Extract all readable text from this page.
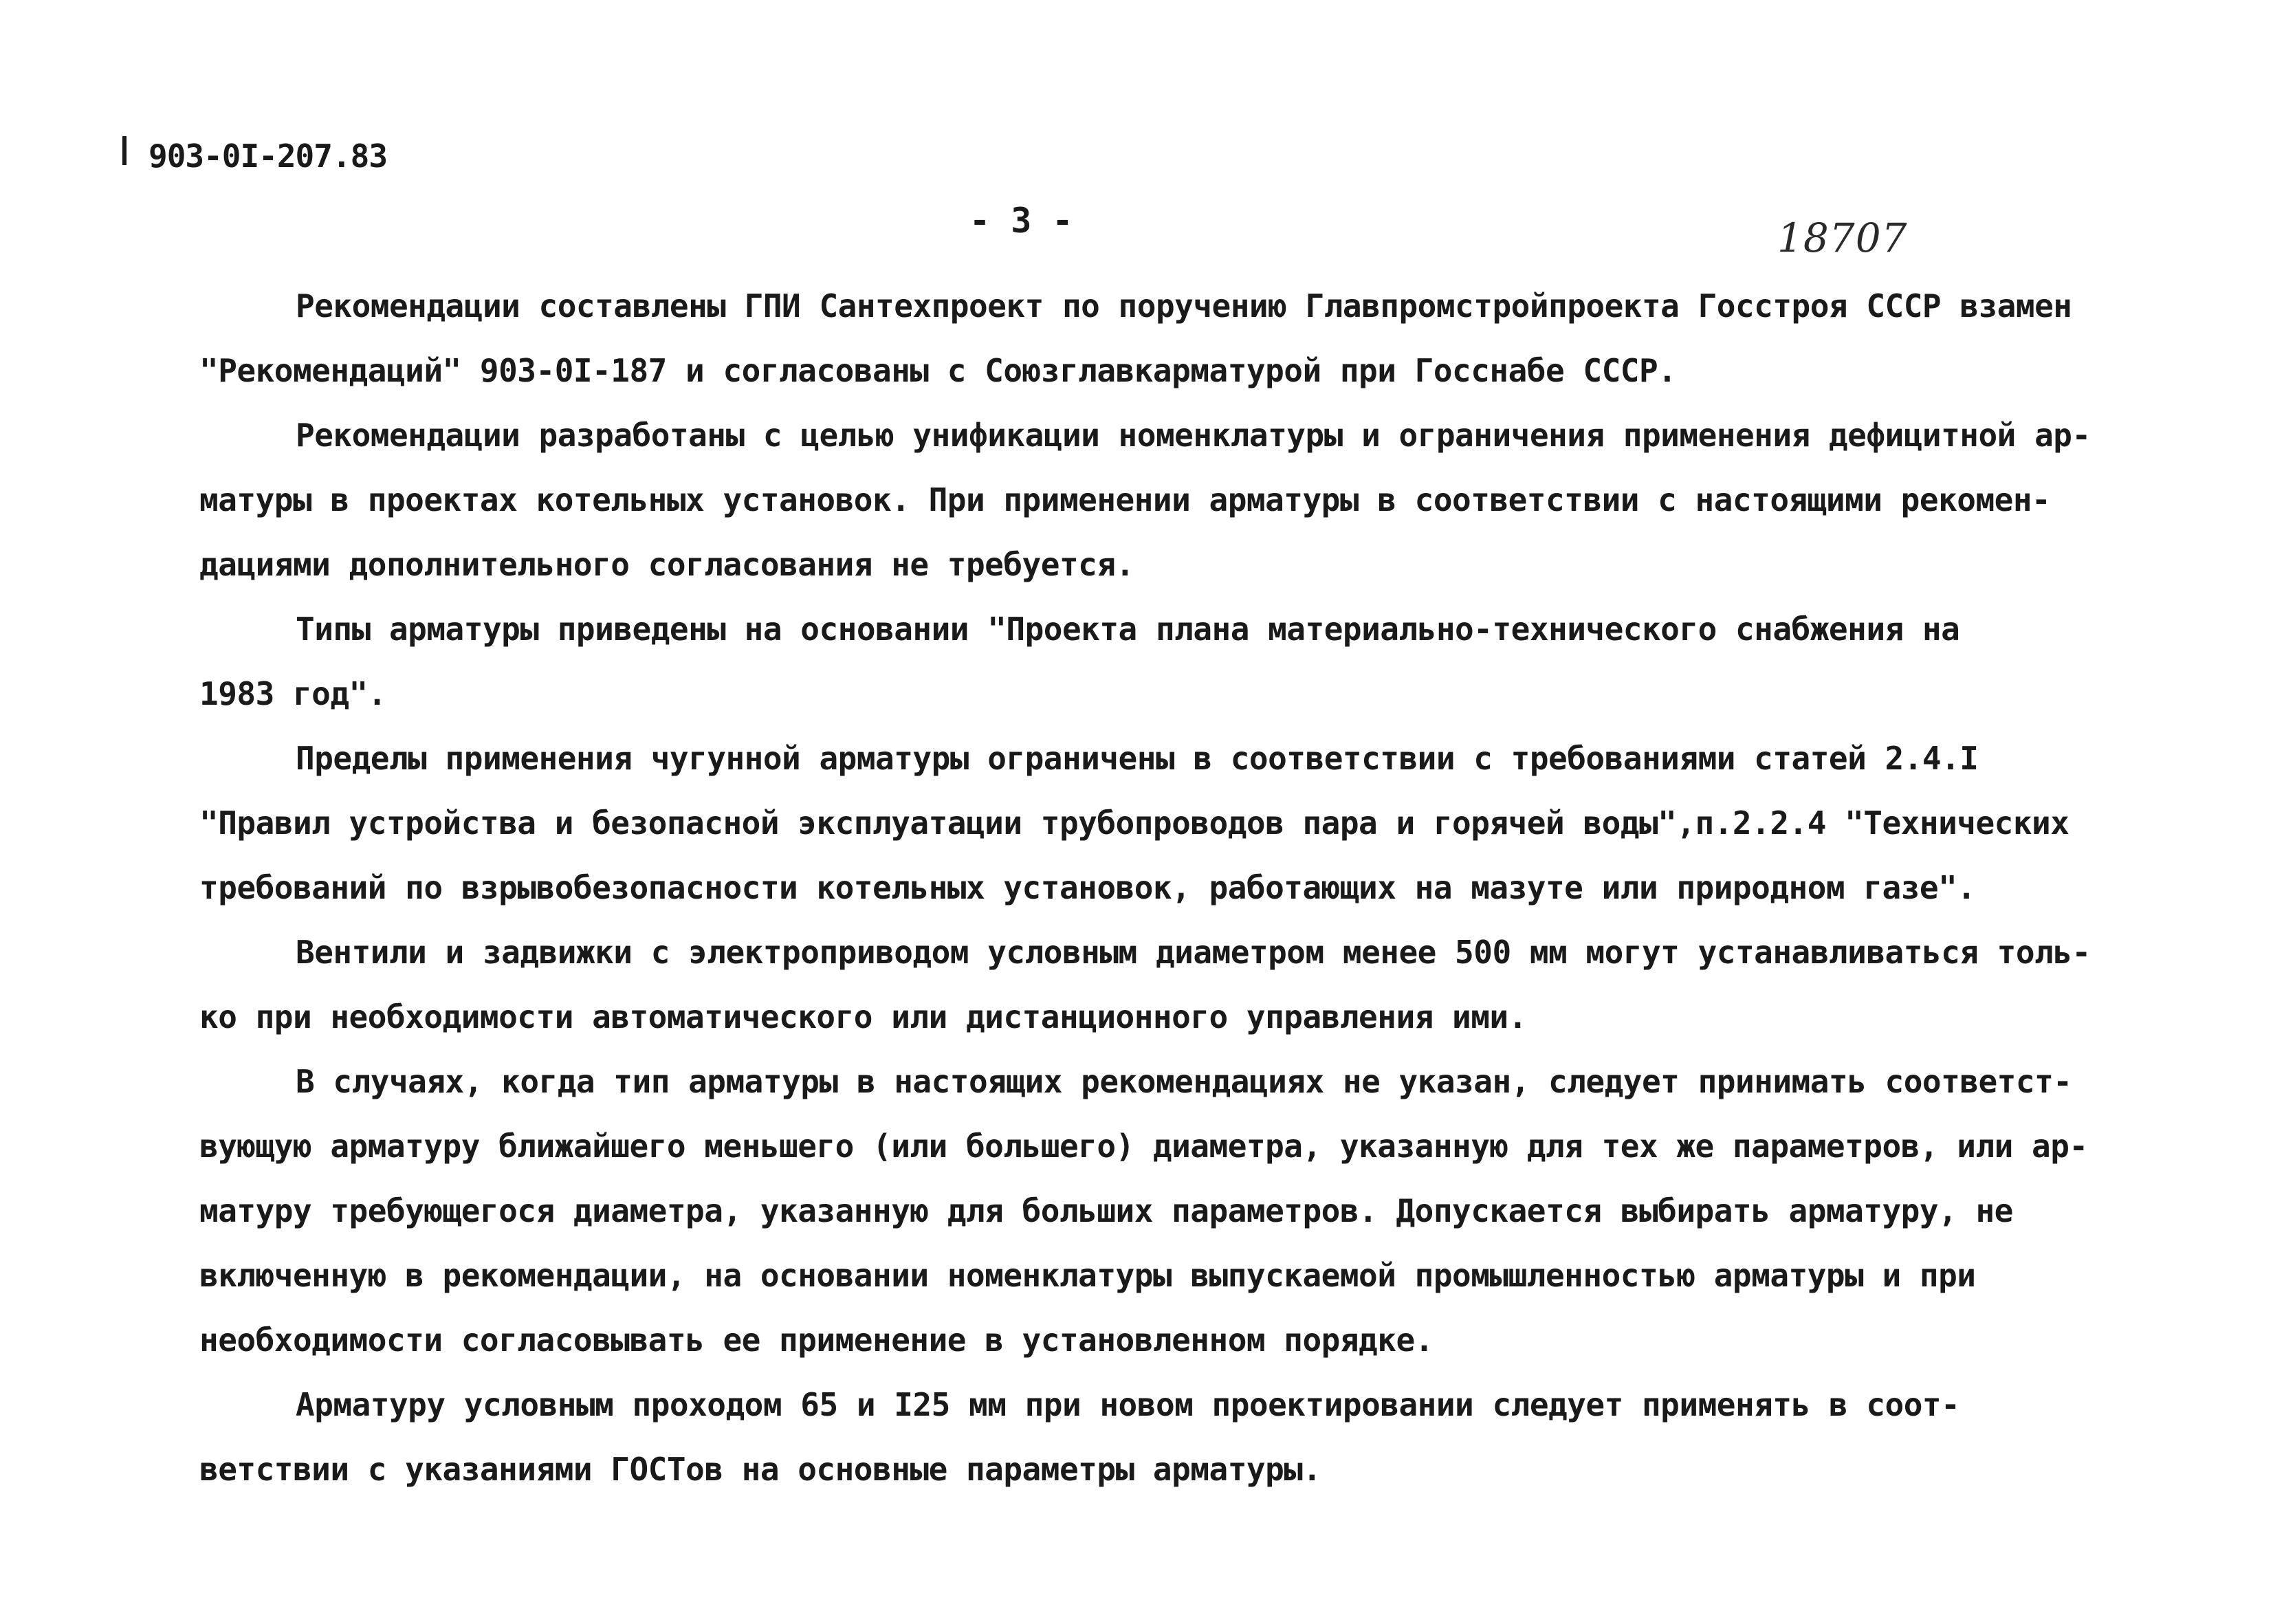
903-0I-207.83
- 3 -	18707
Рекомендации составлены ГПИ Сантехпроект по поручению Главпромстройпроекта Госстроя СССР взамен
"Рекомендаций" 903-0I-187 и согласованы с Союзглавкарматурой при Госснабе СССР.
Рекомендации разработаны с целью унификации номенклатуры и ограничения применения дефицитной ар-
матуры в проектах котельных установок. При применении арматуры в соответствии с настоящими рекомен-
дациями дополнительного согласования не требуется.
Типы арматуры приведены на основании "Проекта плана материально-технического снабжения на
1983 год".
Пределы применения чугунной арматуры ограничены в соответствии с требованиями статей 2.4.I
"Правил устройства и безопасной эксплуатации трубопроводов пара и горячей воды",п.2.2.4 "Технических
требований по взрывобезопасности котельных установок, работающих на мазуте или природном газе".
Вентили и задвижки с электроприводом условным диаметром менее 500 мм могут устанавливаться толь-
ко при необходимости автоматического или дистанционного управления ими.
В случаях, когда тип арматуры в настоящих рекомендациях не указан, следует принимать соответст-
вующую арматуру ближайшего меньшего (или большего) диаметра, указанную для тех же параметров, или ар-
матуру требующегося диаметра, указанную для больших параметров. Допускается выбирать арматуру, не
включенную в рекомендации, на основании номенклатуры выпускаемой промышленностью арматуры и при
необходимости согласовывать ее применение в установленном порядке.
Арматуру условным проходом 65 и I25 мм при новом проектировании следует применять в соот-
ветствии с указаниями ГОСТов на основные параметры арматуры.
